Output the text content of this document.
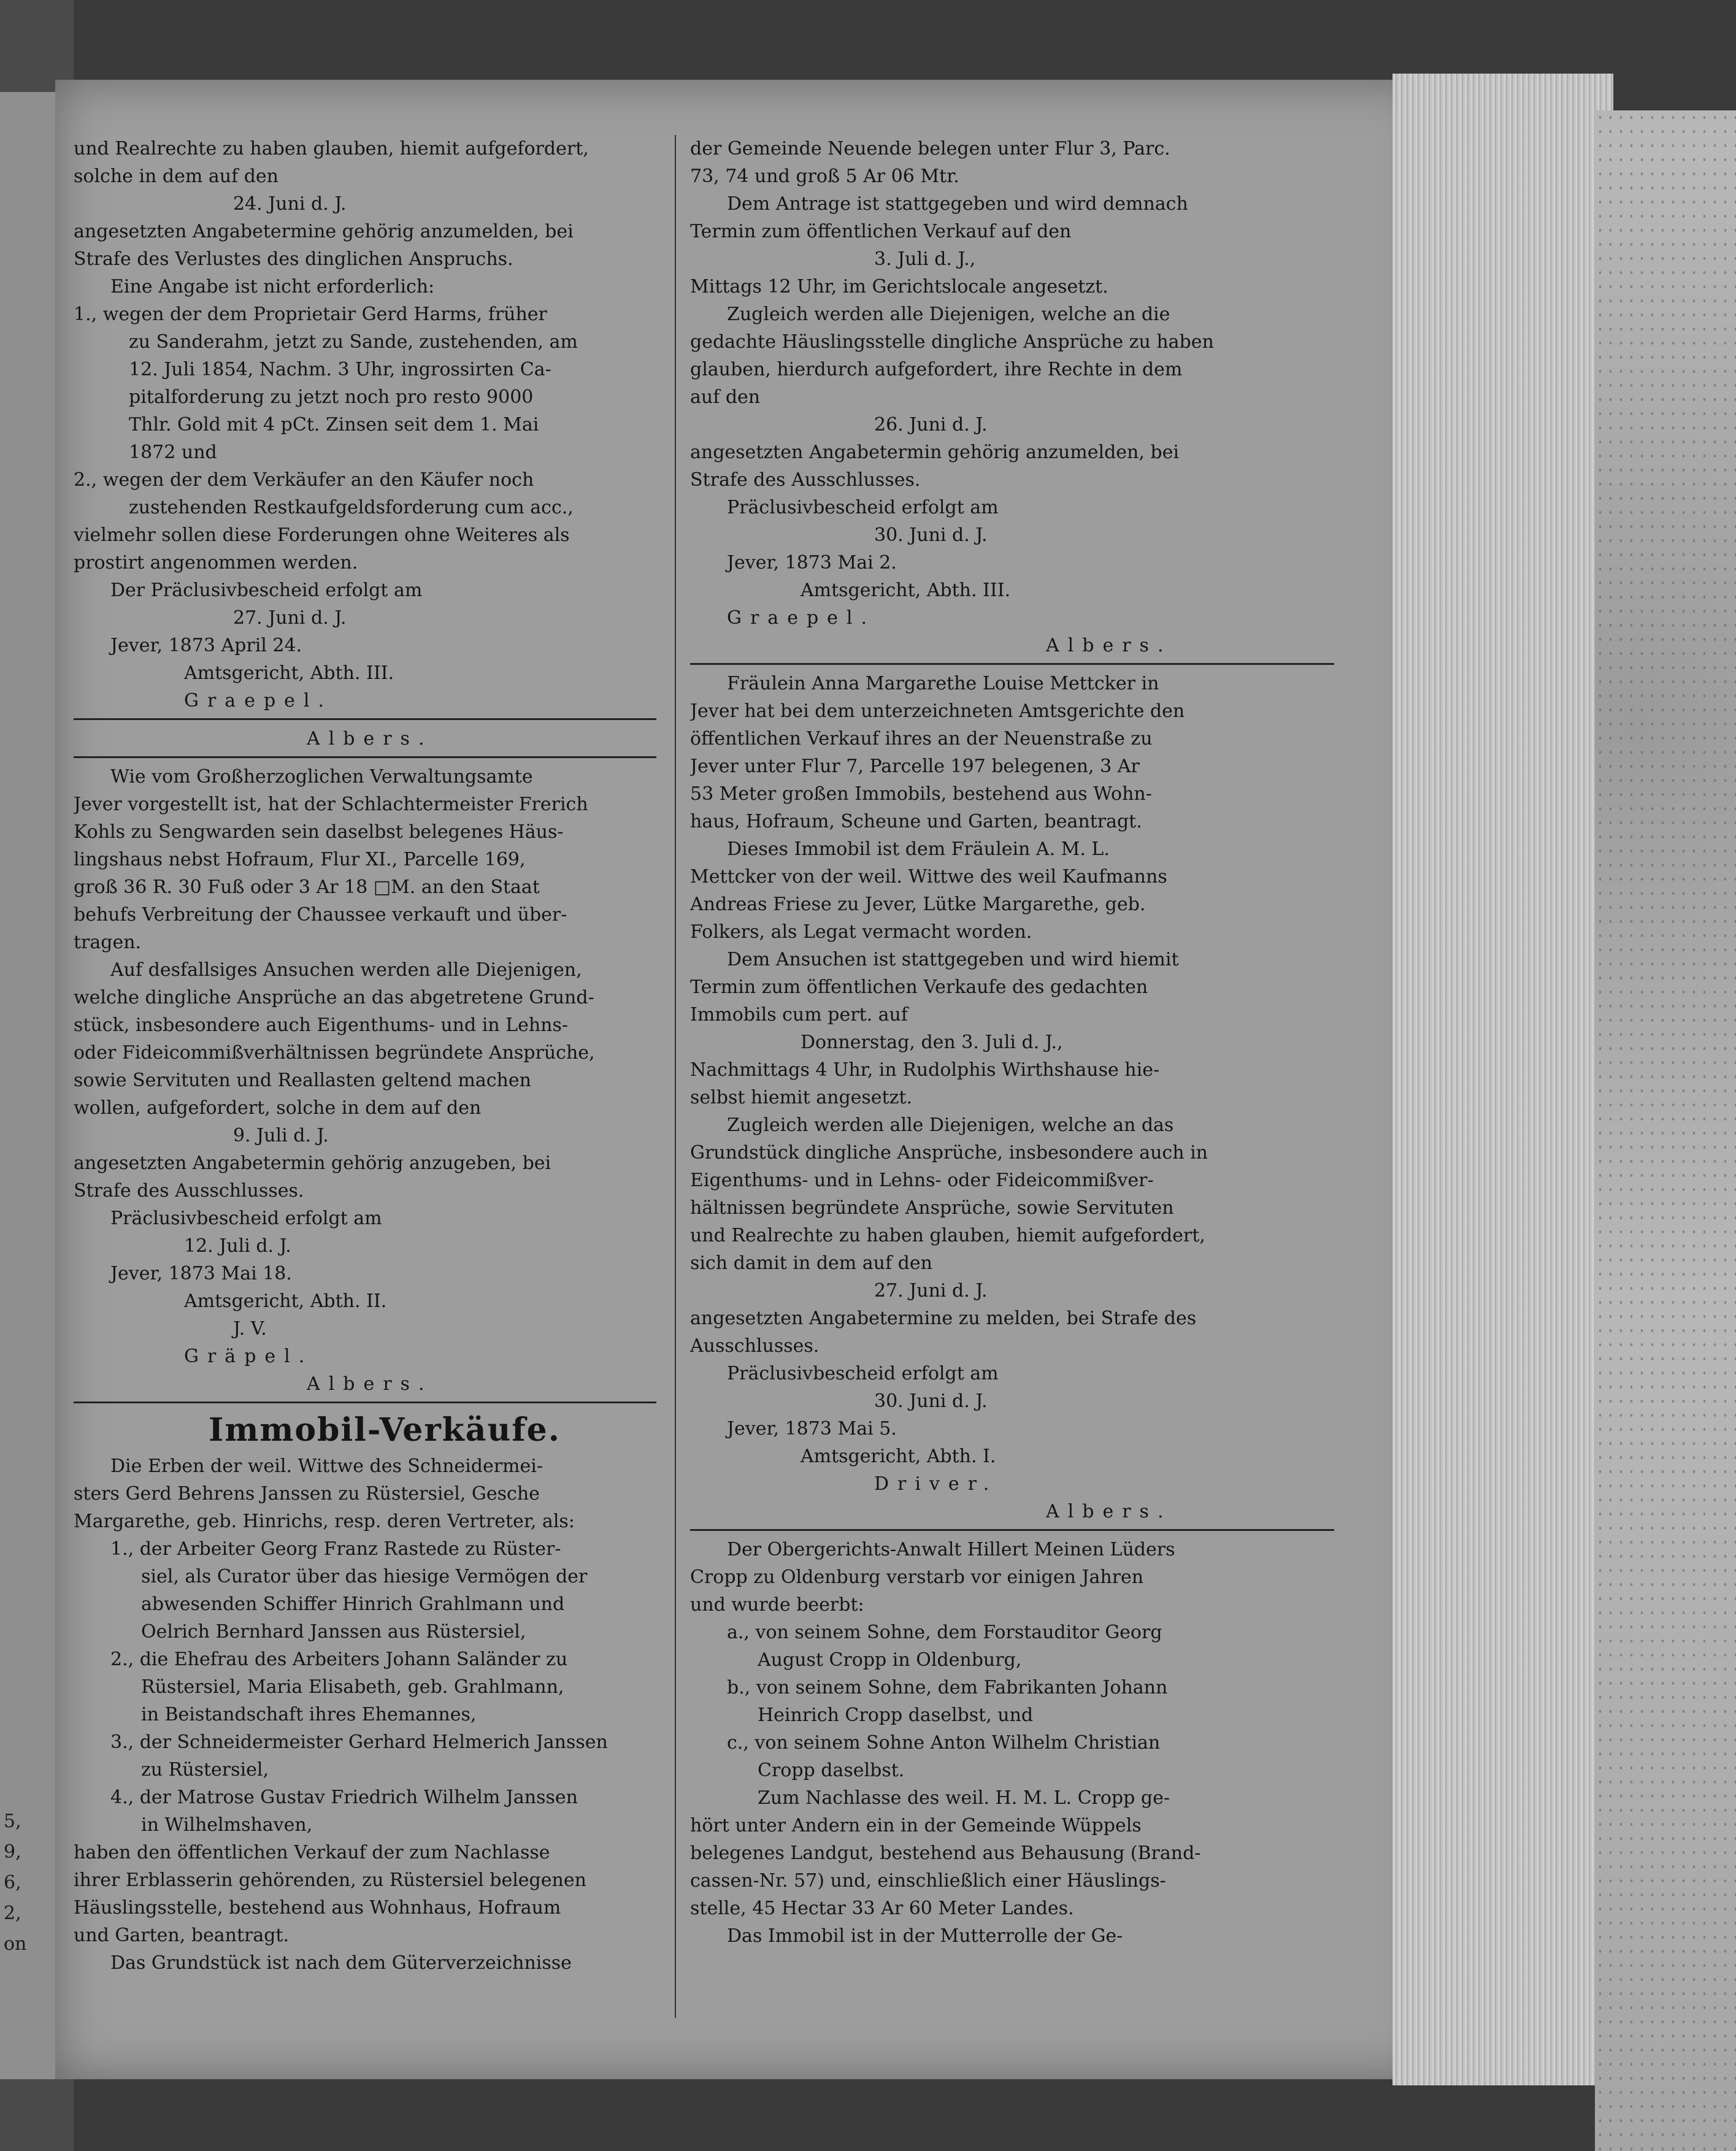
5,
9,
6,
2,
on
und Realrechte zu haben glauben, hiemit aufgefordert,
solche in dem auf den
24. Juni d. J.
angesetzten Angabetermine gehörig anzumelden, bei
Strafe des Verlustes des dinglichen Anspruchs.
Eine Angabe ist nicht erforderlich:
1., wegen der dem Proprietair Gerd Harms, früher
zu Sanderahm, jetzt zu Sande, zustehenden, am
12. Juli 1854, Nachm. 3 Uhr, ingrossirten Ca-
pitalforderung zu jetzt noch pro resto 9000
Thlr. Gold mit 4 pCt. Zinsen seit dem 1. Mai
1872 und
2., wegen der dem Verkäufer an den Käufer noch
zustehenden Restkaufgeldsforderung cum acc.,
vielmehr sollen diese Forderungen ohne Weiteres als
prostirt angenommen werden.
Der Präclusivbescheid erfolgt am
27. Juni d. J.
Jever, 1873 April 24.
Amtsgericht, Abth. III.
Graepel.
Albers.
Wie vom Großherzoglichen Verwaltungsamte
Jever vorgestellt ist, hat der Schlachtermeister Frerich
Kohls zu Sengwarden sein daselbst belegenes Häus-
lingshaus nebst Hofraum, Flur XI., Parcelle 169,
groß 36 R. 30 Fuß oder 3 Ar 18 □M. an den Staat
behufs Verbreitung der Chaussee verkauft und über-
tragen.
Auf desfallsiges Ansuchen werden alle Diejenigen,
welche dingliche Ansprüche an das abgetretene Grund-
stück, insbesondere auch Eigenthums- und in Lehns-
oder Fideicommißverhältnissen begründete Ansprüche,
sowie Servituten und Reallasten geltend machen
wollen, aufgefordert, solche in dem auf den
9. Juli d. J.
angesetzten Angabetermin gehörig anzugeben, bei
Strafe des Ausschlusses.
Präclusivbescheid erfolgt am
12. Juli d. J.
Jever, 1873 Mai 18.
Amtsgericht, Abth. II.
J. V.
Gräpel.
Albers.
Immobil-Verkäufe.
Die Erben der weil. Wittwe des Schneidermei-
sters Gerd Behrens Janssen zu Rüstersiel, Gesche
Margarethe, geb. Hinrichs, resp. deren Vertreter, als:
1., der Arbeiter Georg Franz Rastede zu Rüster-
siel, als Curator über das hiesige Vermögen der
abwesenden Schiffer Hinrich Grahlmann und
Oelrich Bernhard Janssen aus Rüstersiel,
2., die Ehefrau des Arbeiters Johann Saländer zu
Rüstersiel, Maria Elisabeth, geb. Grahlmann,
in Beistandschaft ihres Ehemannes,
3., der Schneidermeister Gerhard Helmerich Janssen
zu Rüstersiel,
4., der Matrose Gustav Friedrich Wilhelm Janssen
in Wilhelmshaven,
haben den öffentlichen Verkauf der zum Nachlasse
ihrer Erblasserin gehörenden, zu Rüstersiel belegenen
Häuslingsstelle, bestehend aus Wohnhaus, Hofraum
und Garten, beantragt.
Das Grundstück ist nach dem Güterverzeichnisse
der Gemeinde Neuende belegen unter Flur 3, Parc.
73, 74 und groß 5 Ar 06 Mtr.
Dem Antrage ist stattgegeben und wird demnach
Termin zum öffentlichen Verkauf auf den
3. Juli d. J.,
Mittags 12 Uhr, im Gerichtslocale angesetzt.
Zugleich werden alle Diejenigen, welche an die
gedachte Häuslingsstelle dingliche Ansprüche zu haben
glauben, hierdurch aufgefordert, ihre Rechte in dem
auf den
26. Juni d. J.
angesetzten Angabetermin gehörig anzumelden, bei
Strafe des Ausschlusses.
Präclusivbescheid erfolgt am
30. Juni d. J.
Jever, 1873 Mai 2.
Amtsgericht, Abth. III.
Graepel.
Albers.
Fräulein Anna Margarethe Louise Mettcker in
Jever hat bei dem unterzeichneten Amtsgerichte den
öffentlichen Verkauf ihres an der Neuenstraße zu
Jever unter Flur 7, Parcelle 197 belegenen, 3 Ar
53 Meter großen Immobils, bestehend aus Wohn-
haus, Hofraum, Scheune und Garten, beantragt.
Dieses Immobil ist dem Fräulein A. M. L.
Mettcker von der weil. Wittwe des weil Kaufmanns
Andreas Friese zu Jever, Lütke Margarethe, geb.
Folkers, als Legat vermacht worden.
Dem Ansuchen ist stattgegeben und wird hiemit
Termin zum öffentlichen Verkaufe des gedachten
Immobils cum pert. auf
Donnerstag, den 3. Juli d. J.,
Nachmittags 4 Uhr, in Rudolphis Wirthshause hie-
selbst hiemit angesetzt.
Zugleich werden alle Diejenigen, welche an das
Grundstück dingliche Ansprüche, insbesondere auch in
Eigenthums- und in Lehns- oder Fideicommißver-
hältnissen begründete Ansprüche, sowie Servituten
und Realrechte zu haben glauben, hiemit aufgefordert,
sich damit in dem auf den
27. Juni d. J.
angesetzten Angabetermine zu melden, bei Strafe des
Ausschlusses.
Präclusivbescheid erfolgt am
30. Juni d. J.
Jever, 1873 Mai 5.
Amtsgericht, Abth. I.
Driver.
Albers.
Der Obergerichts-Anwalt Hillert Meinen Lüders
Cropp zu Oldenburg verstarb vor einigen Jahren
und wurde beerbt:
a., von seinem Sohne, dem Forstauditor Georg
August Cropp in Oldenburg,
b., von seinem Sohne, dem Fabrikanten Johann
Heinrich Cropp daselbst, und
c., von seinem Sohne Anton Wilhelm Christian
Cropp daselbst.
Zum Nachlasse des weil. H. M. L. Cropp ge-
hört unter Andern ein in der Gemeinde Wüppels
belegenes Landgut, bestehend aus Behausung (Brand-
cassen-Nr. 57) und, einschließlich einer Häuslings-
stelle, 45 Hectar 33 Ar 60 Meter Landes.
Das Immobil ist in der Mutterrolle der Ge-
